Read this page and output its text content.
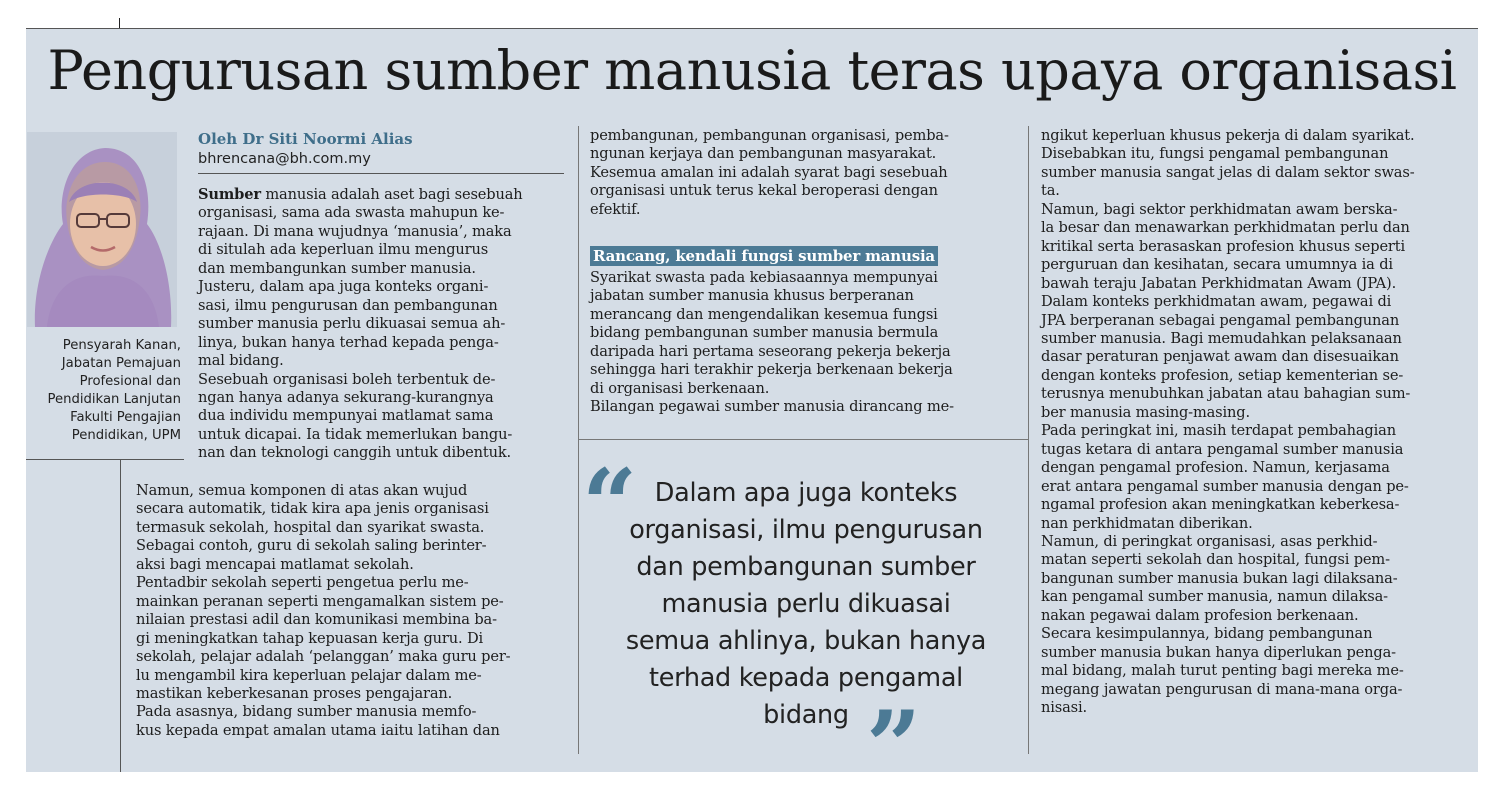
Pengurusan sumber manusia teras upaya organisasi
Pensyarah Kanan,
Jabatan Pemajuan
Profesional dan
Pendidikan Lanjutan
Fakulti Pengajian
Pendidikan, UPM
Oleh Dr Siti Noormi Alias
bhrencana@bh.com.my
Sumber manusia adalah aset bagi sesebuah
organisasi, sama ada swasta mahupun ke-
rajaan. Di mana wujudnya ‘manusia’, maka
di situlah ada keperluan ilmu mengurus
dan membangunkan sumber manusia.
Justeru, dalam apa juga konteks organi-
sasi, ilmu pengurusan dan pembangunan
sumber manusia perlu dikuasai semua ah-
linya, bukan hanya terhad kepada penga-
mal bidang.
Sesebuah organisasi boleh terbentuk de-
ngan hanya adanya sekurang-kurangnya
dua individu mempunyai matlamat sama
untuk dicapai. Ia tidak memerlukan bangu-
nan dan teknologi canggih untuk dibentuk.
Namun, semua komponen di atas akan wujud
secara automatik, tidak kira apa jenis organisasi
termasuk sekolah, hospital dan syarikat swasta.
Sebagai contoh, guru di sekolah saling berinter-
aksi bagi mencapai matlamat sekolah.
Pentadbir sekolah seperti pengetua perlu me-
mainkan peranan seperti mengamalkan sistem pe-
nilaian prestasi adil dan komunikasi membina ba-
gi meningkatkan tahap kepuasan kerja guru. Di
sekolah, pelajar adalah ‘pelanggan’ maka guru per-
lu mengambil kira keperluan pelajar dalam me-
mastikan keberkesanan proses pengajaran.
Pada asasnya, bidang sumber manusia memfo-
kus kepada empat amalan utama iaitu latihan dan
pembangunan, pembangunan organisasi, pemba-
ngunan kerjaya dan pembangunan masyarakat.
Kesemua amalan ini adalah syarat bagi sesebuah
organisasi untuk terus kekal beroperasi dengan
efektif.
Rancang, kendali fungsi sumber manusia
Syarikat swasta pada kebiasaannya mempunyai
jabatan sumber manusia khusus berperanan
merancang dan mengendalikan kesemua fungsi
bidang pembangunan sumber manusia bermula
daripada hari pertama seseorang pekerja bekerja
sehingga hari terakhir pekerja berkenaan bekerja
di organisasi berkenaan.
Bilangan pegawai sumber manusia dirancang me-
“ Dalam apa juga konteks
organisasi, ilmu pengurusan
dan pembangunan sumber
manusia perlu dikuasai
semua ahlinya, bukan hanya
terhad kepada pengamal
bidang ”
ngikut keperluan khusus pekerja di dalam syarikat.
Disebabkan itu, fungsi pengamal pembangunan
sumber manusia sangat jelas di dalam sektor swas-
ta.
Namun, bagi sektor perkhidmatan awam berska-
la besar dan menawarkan perkhidmatan perlu dan
kritikal serta berasaskan profesion khusus seperti
perguruan dan kesihatan, secara umumnya ia di
bawah teraju Jabatan Perkhidmatan Awam (JPA).
Dalam konteks perkhidmatan awam, pegawai di
JPA berperanan sebagai pengamal pembangunan
sumber manusia. Bagi memudahkan pelaksanaan
dasar peraturan penjawat awam dan disesuaikan
dengan konteks profesion, setiap kementerian se-
terusnya menubuhkan jabatan atau bahagian sum-
ber manusia masing-masing.
Pada peringkat ini, masih terdapat pembahagian
tugas ketara di antara pengamal sumber manusia
dengan pengamal profesion. Namun, kerjasama
erat antara pengamal sumber manusia dengan pe-
ngamal profesion akan meningkatkan keberkesa-
nan perkhidmatan diberikan.
Namun, di peringkat organisasi, asas perkhid-
matan seperti sekolah dan hospital, fungsi pem-
bangunan sumber manusia bukan lagi dilaksana-
kan pengamal sumber manusia, namun dilaksa-
nakan pegawai dalam profesion berkenaan.
Secara kesimpulannya, bidang pembangunan
sumber manusia bukan hanya diperlukan penga-
mal bidang, malah turut penting bagi mereka me-
megang jawatan pengurusan di mana-mana orga-
nisasi.
